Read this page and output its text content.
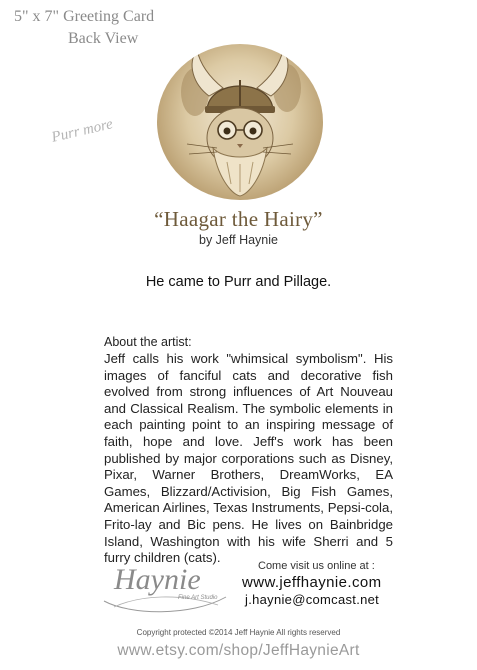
5" x 7" Greeting Card
Back View
Purr more
“Haagar the Hairy”
by Jeff Haynie
He came to Purr and Pillage.
About the artist:
Jeff calls his work "whimsical symbolism". His images of fanciful cats and decorative fish evolved from strong influences of Art Nouveau and Classical Realism. The symbolic elements in each painting point to an inspiring message of faith, hope and love. Jeff's work has been published by major corporations such as Disney, Pixar, Warner Brothers, DreamWorks, EA Games, Blizzard/Activision, Big Fish Games, American Airlines, Texas Instruments, Pepsi-cola, Frito-lay and Bic pens. He lives on Bainbridge Island, Washington with his wife Sherri and 5 furry children (cats).
Haynie
Fine Art Studio
Come visit us online at :
www.jeffhaynie.com
j.haynie@comcast.net
Copyright protected ©2014 Jeff Haynie All rights reserved
www.etsy.com/shop/JeffHaynieArt
